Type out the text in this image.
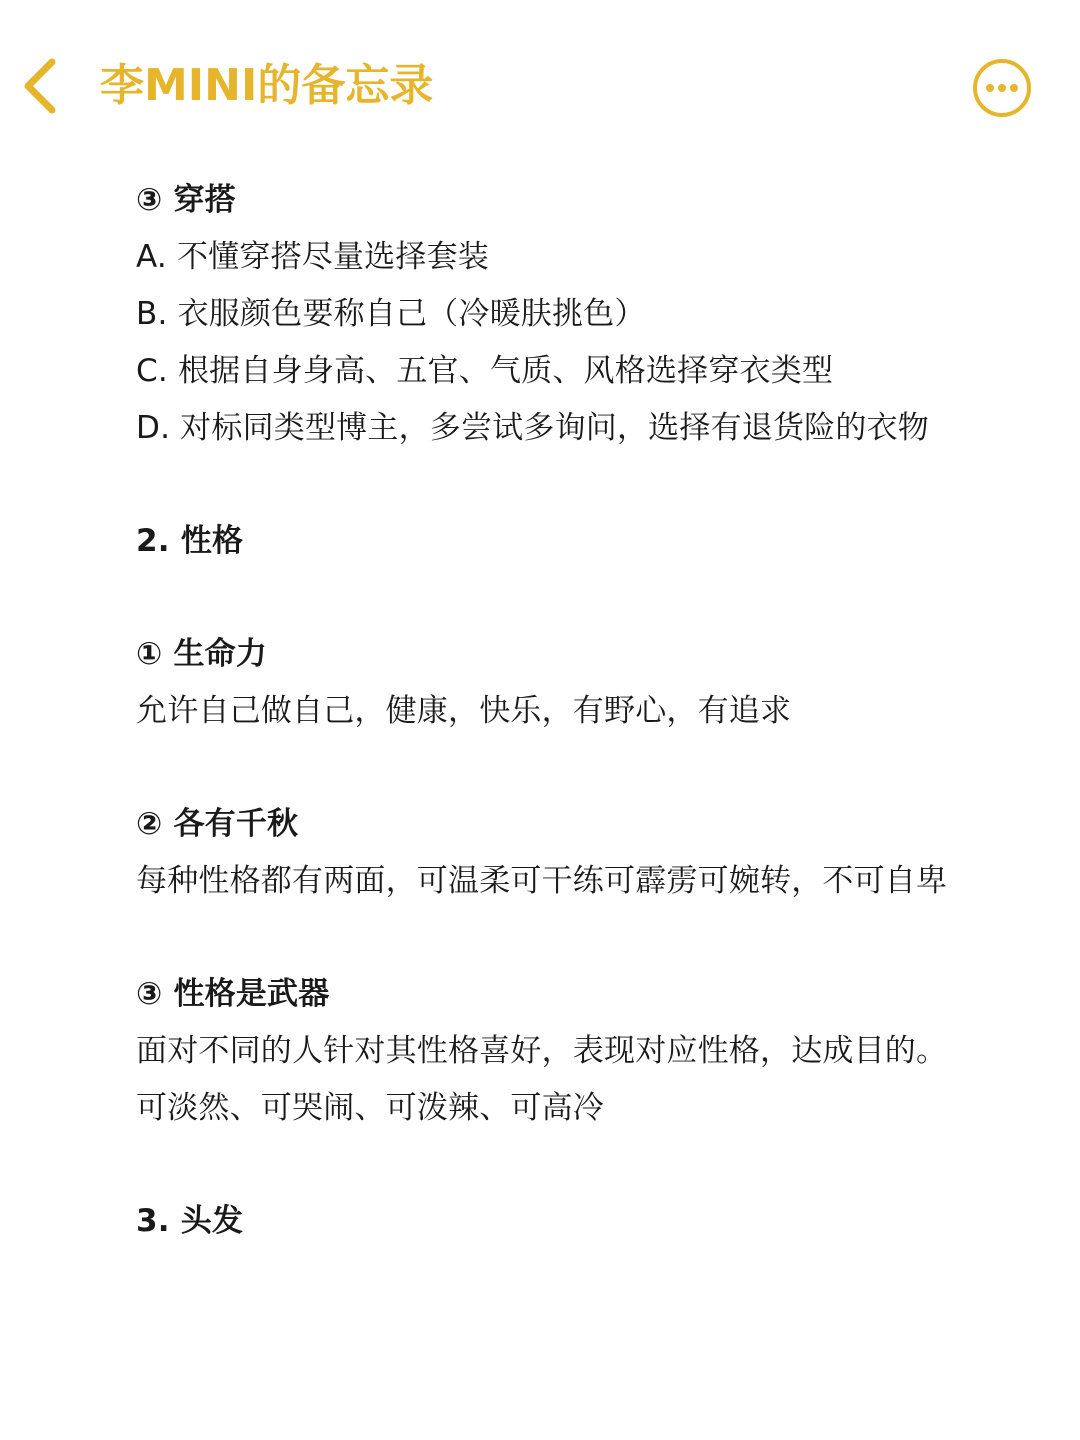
李MINI的备忘录
③ 穿搭
A. 不懂穿搭尽量选择套装
B. 衣服颜色要称自己（冷暖肤挑色）
C. 根据自身身高、五官、气质、风格选择穿衣类型
D. 对标同类型博主，多尝试多询问，选择有退货险的衣物
2. 性格
① 生命力
允许自己做自己，健康，快乐，有野心，有追求
② 各有千秋
每种性格都有两面，可温柔可干练可霹雳可婉转，不可自卑
③ 性格是武器
面对不同的人针对其性格喜好，表现对应性格，达成目的。
可淡然、可哭闹、可泼辣、可高冷
3. 头发
